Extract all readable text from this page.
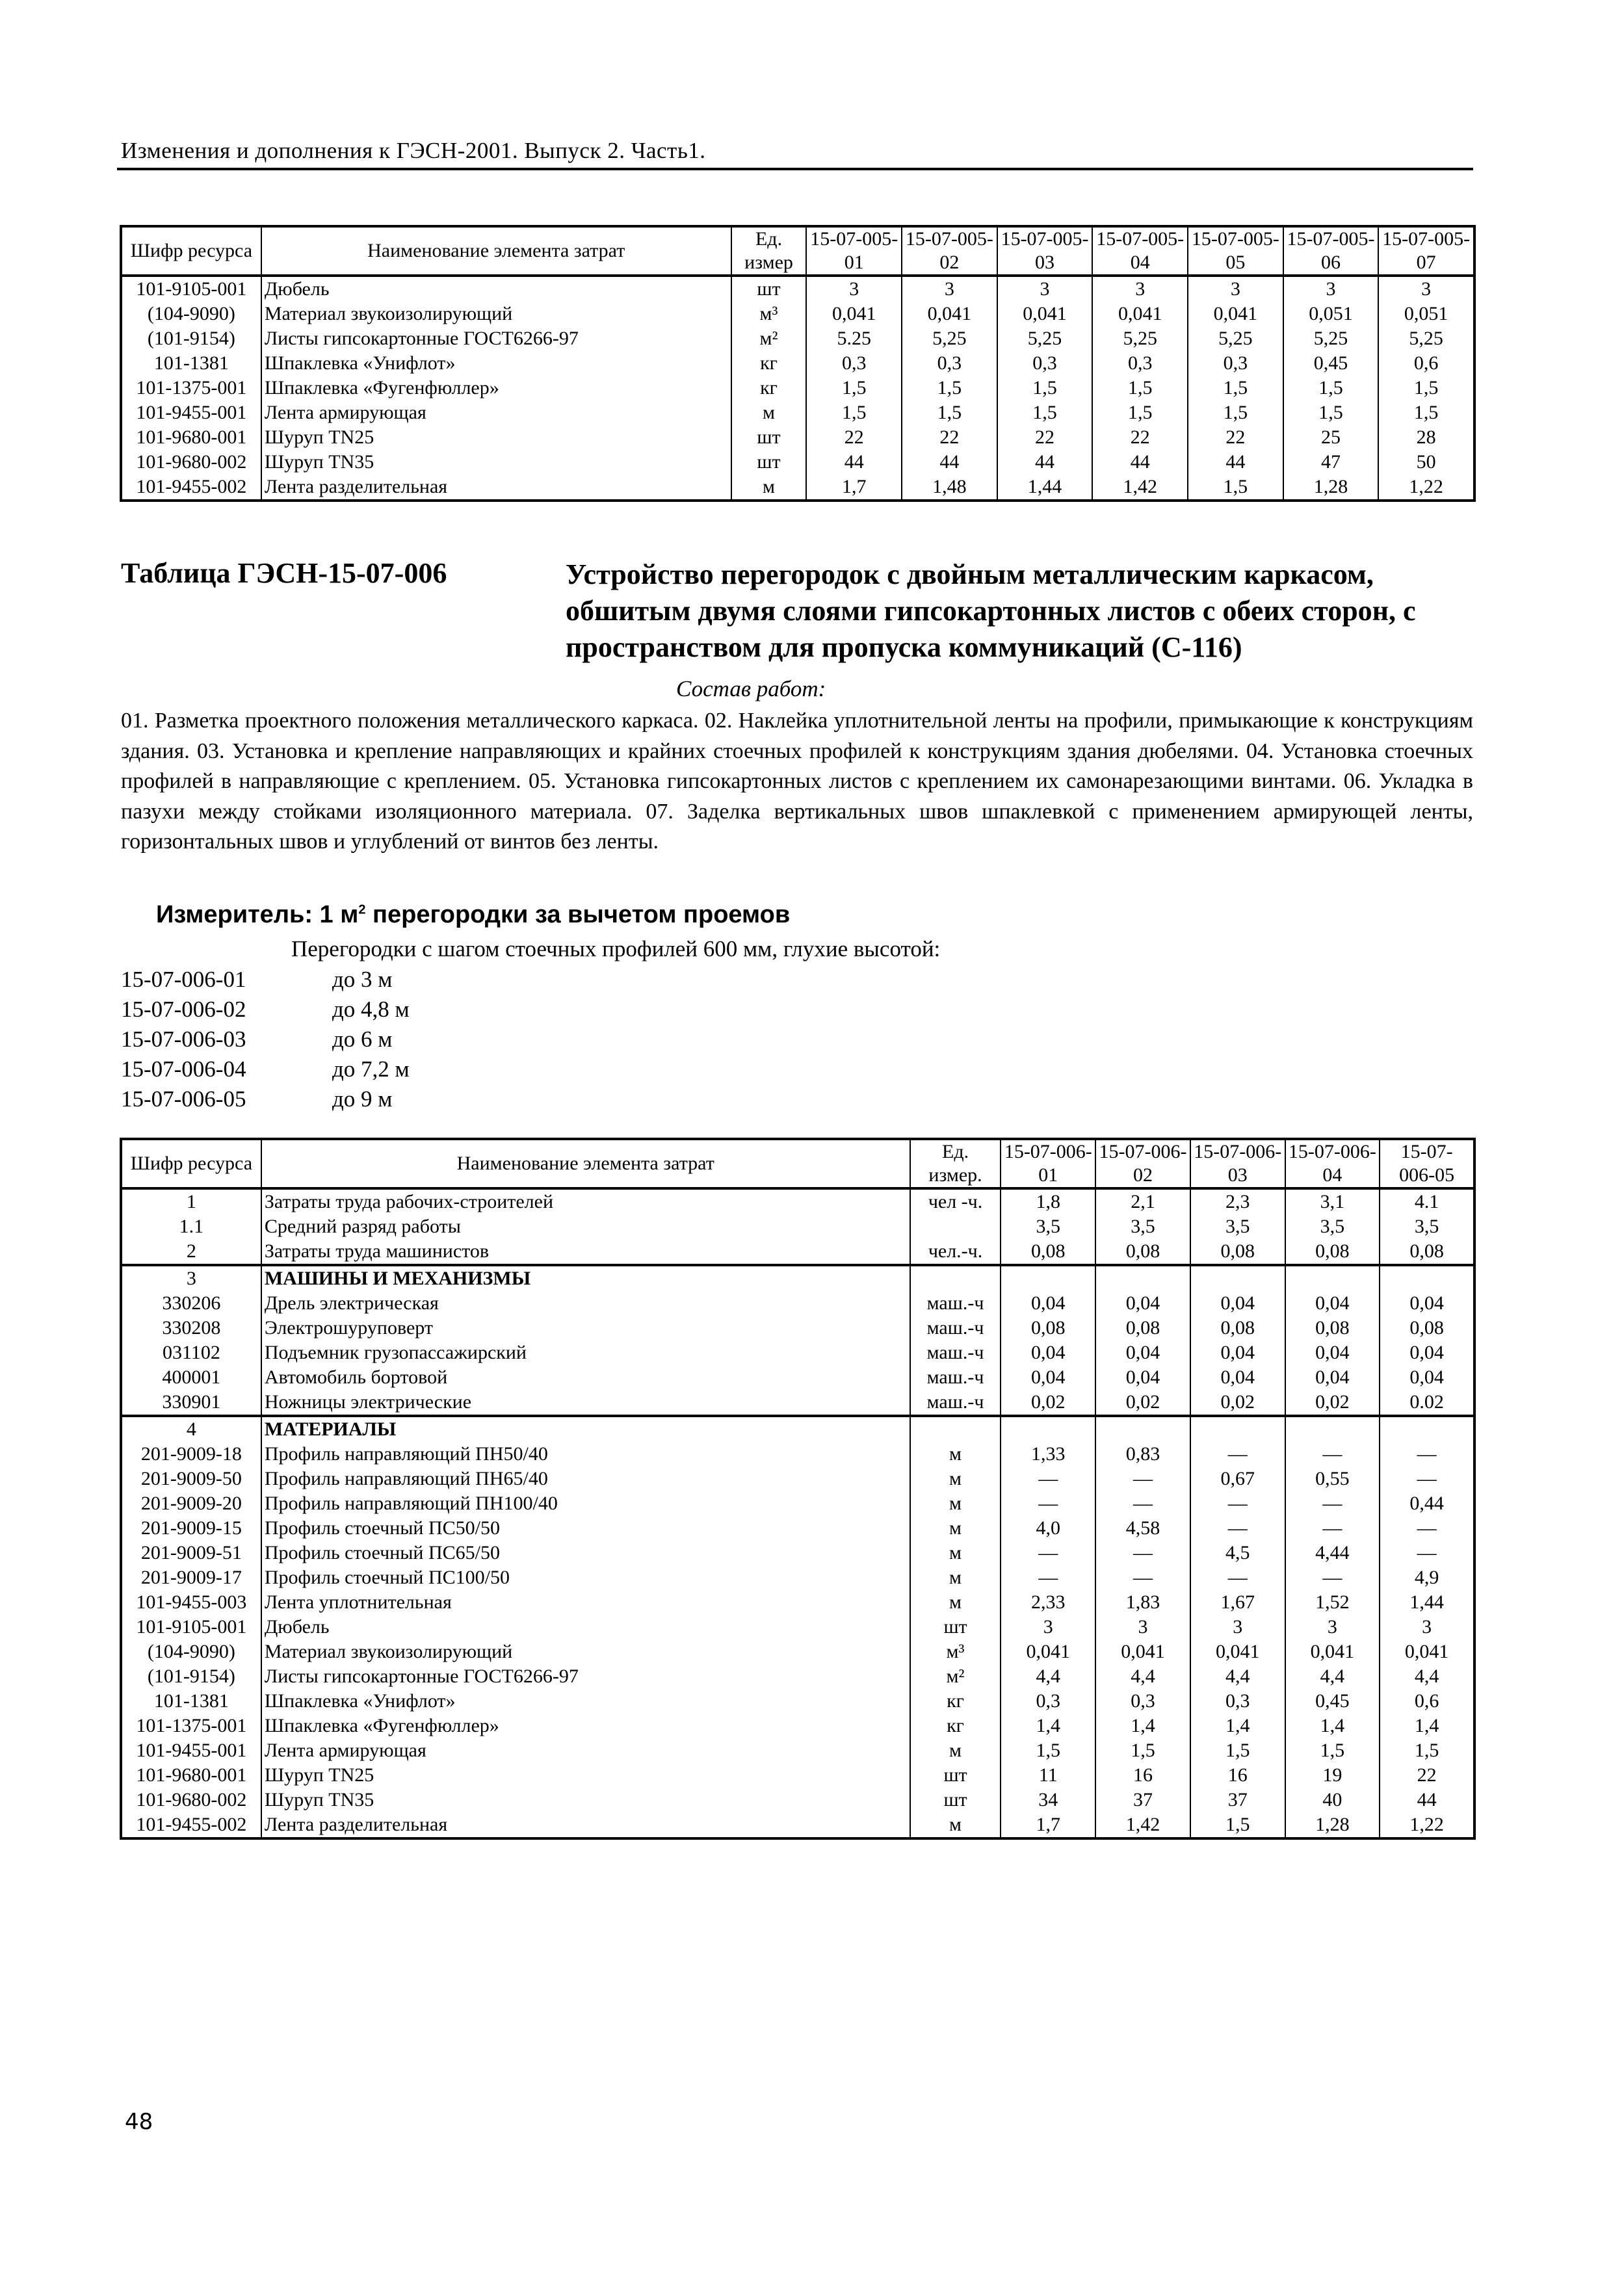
Изменения и дополнения к ГЭСН-2001. Выпуск 2. Часть1.
Шифр ресурса	Наименование элемента затрат	Ед. измер	15-07-005-01	15-07-005-02	15-07-005-03	15-07-005-04	15-07-005-05	15-07-005-06	15-07-005-07
101-9105-001	Дюбель	шт	3	3	3	3	3	3	3
(104-9090)	Материал звукоизолирующий	м³	0,041	0,041	0,041	0,041	0,041	0,051	0,051
(101-9154)	Листы гипсокартонные ГОСТ6266-97	м²	5.25	5,25	5,25	5,25	5,25	5,25	5,25
101-1381	Шпаклевка «Унифлот»	кг	0,3	0,3	0,3	0,3	0,3	0,45	0,6
101-1375-001	Шпаклевка «Фугенфюллер»	кг	1,5	1,5	1,5	1,5	1,5	1,5	1,5
101-9455-001	Лента армирующая	м	1,5	1,5	1,5	1,5	1,5	1,5	1,5
101-9680-001	Шуруп TN25	шт	22	22	22	22	22	25	28
101-9680-002	Шуруп TN35	шт	44	44	44	44	44	47	50
101-9455-002	Лента разделительная	м	1,7	1,48	1,44	1,42	1,5	1,28	1,22
Таблица ГЭСН-15-07-006	Устройство перегородок с двойным металлическим каркасом, обшитым двумя слоями гипсокартонных листов с обеих сторон, с пространством для пропуска коммуникаций (С-116)
Состав работ:
01. Разметка проектного положения металлического каркаса. 02. Наклейка уплотнительной ленты на профили, примыкающие к конструкциям здания. 03. Установка и крепление направляющих и крайних стоечных профилей к конструкциям здания дюбелями. 04. Установка стоечных профилей в направляющие с креплением. 05. Установка гипсокартонных листов с креплением их самонарезающими винтами. 06. Укладка в пазухи между стойками изоляционного материала. 07. Заделка вертикальных швов шпаклевкой с применением армирующей ленты, горизонтальных швов и углублений от винтов без ленты.
Измеритель: 1 $м^2$ перегородки за вычетом проемов
Перегородки с шагом стоечных профилей 600 мм, глухие высотой:
15-07-006-01	до 3 м
15-07-006-02	до 4,8 м
15-07-006-03	до 6 м
15-07-006-04	до 7,2 м
15-07-006-05	до 9 м
Шифр ресурса	Наименование элемента затрат	Ед. измер.	15-07-006-01	15-07-006-02	15-07-006-03	15-07-006-04	15-07-006-05
1	Затраты труда рабочих-строителей	чел -ч.	1,8	2,1	2,3	3,1	4.1
1.1	Средний разряд работы		3,5	3,5	3,5	3,5	3,5
2	Затраты труда машинистов	чел.-ч.	0,08	0,08	0,08	0,08	0,08
3	МАШИНЫ И МЕХАНИЗМЫ						
330206	Дрель электрическая	маш.-ч	0,04	0,04	0,04	0,04	0,04
330208	Электрошуруповерт	маш.-ч	0,08	0,08	0,08	0,08	0,08
031102	Подъемник грузопассажирский	маш.-ч	0,04	0,04	0,04	0,04	0,04
400001	Автомобиль бортовой	маш.-ч	0,04	0,04	0,04	0,04	0,04
330901	Ножницы электрические	маш.-ч	0,02	0,02	0,02	0,02	0.02
4	МАТЕРИАЛЫ						
201-9009-18	Профиль направляющий ПН50/40	м	1,33	0,83	—	—	—
201-9009-50	Профиль направляющий ПН65/40	м	—	—	0,67	0,55	—
201-9009-20	Профиль направляющий ПН100/40	м	—	—	—	—	0,44
201-9009-15	Профиль стоечный ПС50/50	м	4,0	4,58	—	—	—
201-9009-51	Профиль стоечный ПС65/50	м	—	—	4,5	4,44	—
201-9009-17	Профиль стоечный ПС100/50	м	—	—	—	—	4,9
101-9455-003	Лента уплотнительная	м	2,33	1,83	1,67	1,52	1,44
101-9105-001	Дюбель	шт	3	3	3	3	3
(104-9090)	Материал звукоизолирующий	м³	0,041	0,041	0,041	0,041	0,041
(101-9154)	Листы гипсокартонные ГОСТ6266-97	м²	4,4	4,4	4,4	4,4	4,4
101-1381	Шпаклевка «Унифлот»	кг	0,3	0,3	0,3	0,45	0,6
101-1375-001	Шпаклевка «Фугенфюллер»	кг	1,4	1,4	1,4	1,4	1,4
101-9455-001	Лента армирующая	м	1,5	1,5	1,5	1,5	1,5
101-9680-001	Шуруп TN25	шт	11	16	16	19	22
101-9680-002	Шуруп TN35	шт	34	37	37	40	44
101-9455-002	Лента разделительная	м	1,7	1,42	1,5	1,28	1,22
48
